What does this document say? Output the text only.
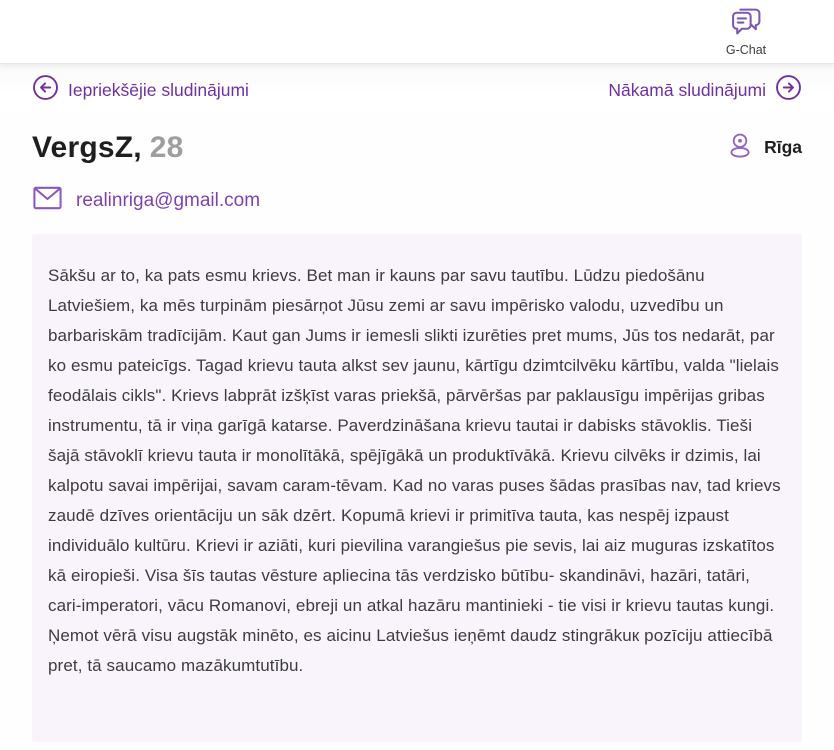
G-Chat
Iepriekšējie sludinājumi	Nākamā sludinājumi
VergsZ, 28	Rīga
realinriga@gmail.com

Sākšu ar to, ka pats esmu krievs. Bet man ir kauns par savu tautību. Lūdzu piedošānu Latviešiem, ka mēs turpinām piesārņot Jūsu zemi ar savu impērisko valodu, uzvedību un barbariskām tradīcijām. Kaut gan Jums ir iemesli slikti izurēties pret mums, Jūs tos nedarāt, par ko esmu pateicīgs. Tagad krievu tauta alkst sev jaunu, kārtīgu dzimtcilvēku kārtību, valda "lielais feodālais cikls". Krievs labprāt izšķīst varas priekšā, pārvēršas par paklausīgu impērijas gribas instrumentu, tā ir viņa garīgā katarse. Paverdzināšana krievu tautai ir dabisks stāvoklis. Tieši šajā stāvoklī krievu tauta ir monolītākā, spējīgākā un produktīvākā. Krievu cilvēks ir dzimis, lai kalpotu savai impērijai, savam caram-tēvam. Kad no varas puses šādas prasības nav, tad krievs zaudē dzīves orientāciju un sāk dzērt. Kopumā krievi ir primitīva tauta, kas nespēj izpaust individuālo kultūru. Krievi ir aziāti, kuri pievilina varangiešus pie sevis, lai aiz muguras izskatītos kā eiropieši. Visa šīs tautas vēsture apliecina tās verdzisko būtību- skandināvi, hazāri, tatāri, cari-imperatori, vācu Romanovi, ebreji un atkal hazāru mantinieki - tie visi ir krievu tautas kungi. Ņemot vērā visu augstāk minēto, es aicinu Latviešus ieņēmt daudz stingrākuк pozīciju attiecībā pret, tā saucamo mazākumtutību.
